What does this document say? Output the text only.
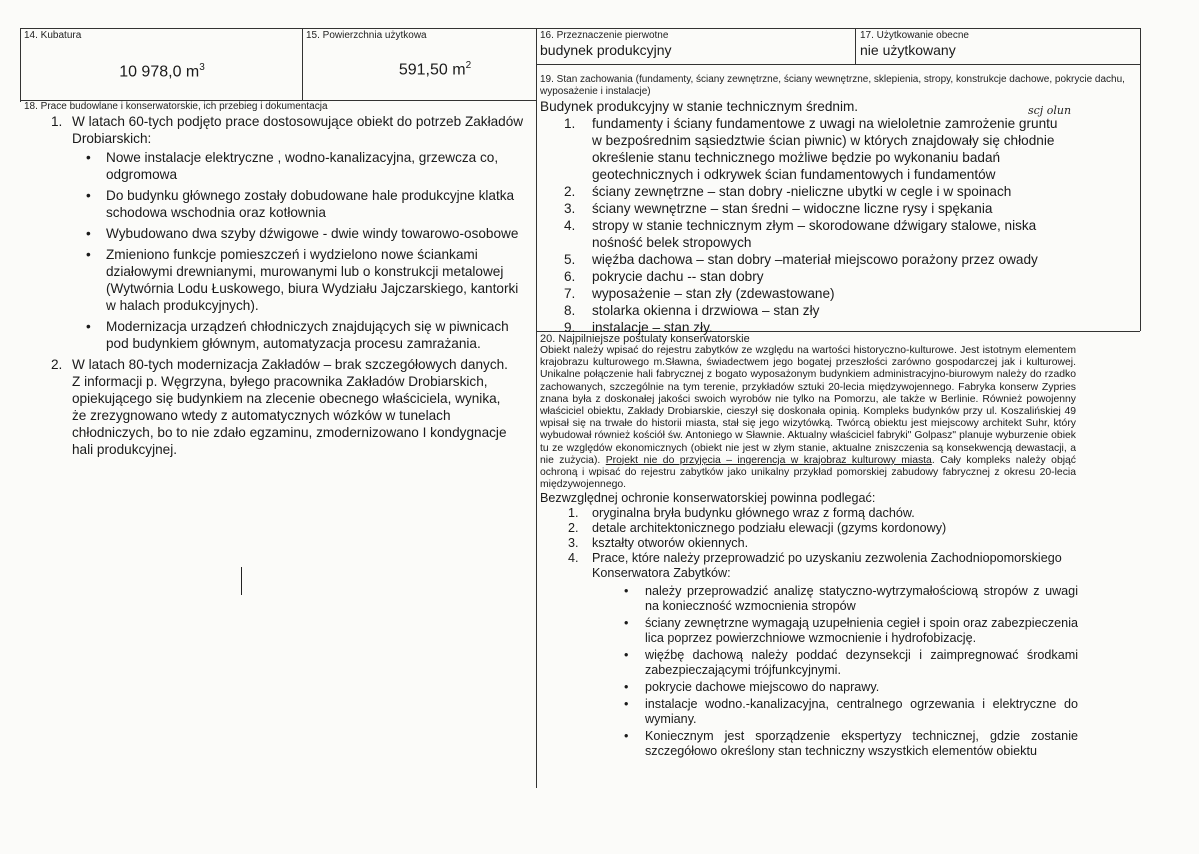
14. Kubatura
10 978,0 $m^3$
15. Powierzchnia użytkowa
591,50 $m^2$
16. Przeznaczenie pierwotne
budynek produkcyjny
17. Użytkowanie obecne
nie użytkowany
19. Stan zachowania (fundamenty, ściany zewnętrzne, ściany wewnętrzne, sklepienia, stropy, konstrukcje dachowe, pokrycie dachu, wyposażenie i instalacje)
Budynek produkcyjny w stanie technicznym średnim.
1. fundamenty i ściany fundamentowe z uwagi na wieloletnie zamrożenie gruntu w bezpośrednim sąsiedztwie ścian piwnic) w których znajdowały się chłodnie określenie stanu technicznego możliwe będzie po wykonaniu badań geotechnicznych i odkrywek ścian fundamentowych i fundamentów
2. ściany zewnętrzne – stan dobry -nieliczne ubytki w cegle i w spoinach
3. ściany wewnętrzne – stan średni – widoczne liczne rysy i spękania
4. stropy w stanie technicznym złym – skorodowane dźwigary stalowe, niska nośność belek stropowych
5. więźba dachowa – stan dobry –materiał miejscowo porażony przez owady
6. pokrycie dachu -- stan dobry
7. wyposażenie – stan zły (zdewastowane)
8. stolarka okienna i drzwiowa – stan zły
9. instalacje – stan zły.
scj olun
18. Prace budowlane i konserwatorskie, ich przebieg i dokumentacja
1. W latach 60-tych podjęto prace dostosowujące obiekt do potrzeb Zakładów Drobiarskich:
• Nowe instalacje elektryczne , wodno-kanalizacyjna, grzewcza co, odgromowa
• Do budynku głównego zostały dobudowane hale produkcyjne klatka schodowa wschodnia oraz kotłownia
• Wybudowano dwa szyby dźwigowe - dwie windy towarowo-osobowe
• Zmieniono funkcje pomieszczeń i wydzielono nowe ściankami działowymi drewnianymi, murowanymi lub o konstrukcji metalowej (Wytwórnia Lodu Łuskowego, biura Wydziału Jajczarskiego, kantorki w halach produkcyjnych).
• Modernizacja urządzeń chłodniczych znajdujących się w piwnicach pod budynkiem głównym, automatyzacja procesu zamrażania.
2. W latach 80-tych modernizacja Zakładów – brak szczegółowych danych.
Z informacji p. Węgrzyna, byłego pracownika Zakładów Drobiarskich, opiekującego się budynkiem na zlecenie obecnego właściciela, wynika, że zrezygnowano wtedy z automatycznych wózków w tunelach chłodniczych, bo to nie zdało egzaminu, zmodernizowano I kondygnacje hali produkcyjnej.
20. Najpilniejsze postulaty konserwatorskie
Obiekt należy wpisać do rejestru zabytków ze względu na wartości historyczno-kulturowe. Jest istotnym elementem krajobrazu kulturowego m.Sławna, świadectwem jego bogatej przeszłości zarówno gospodarczej jak i kulturowej. Unikalne połączenie hali fabrycznej z bogato wyposażonym budynkiem administracyjno-biurowym należy do rzadko zachowanych, szczególnie na tym terenie, przykładów sztuki 20-lecia międzywojennego. Fabryka konserw Zypries znana była z doskonałej jakości swoich wyrobów nie tylko na Pomorzu, ale także w Berlinie. Również powojenny właściciel obiektu, Zakłady Drobiarskie, cieszył się doskonała opinią. Kompleks budynków przy ul. Koszalińskiej 49 wpisał się na trwałe do historii miasta, stał się jego wizytówką. Twórcą obiektu jest miejscowy architekt Suhr, który wybudował również kościół św. Antoniego w Sławnie. Aktualny właściciel fabryki" Golpasz" planuje wyburzenie obiek tu ze względów ekonomicznych (obiekt nie jest w złym stanie, aktualne zniszczenia są konsekwencją dewastacji, a nie zużycia). Projekt nie do przyjęcia – ingerencja w krajobraz kulturowy miasta. Cały kompleks należy objąć ochroną i wpisać do rejestru zabytków jako unikalny przykład pomorskiej zabudowy fabrycznej z okresu 20-lecia międzywojennego.
Bezwzględnej ochronie konserwatorskiej powinna podlegać:
1. oryginalna bryła budynku głównego wraz z formą dachów.
2. detale architektonicznego podziału elewacji (gzyms kordonowy)
3. kształty otworów okiennych.
4. Prace, które należy przeprowadzić po uzyskaniu zezwolenia Zachodniopomorskiego Konserwatora Zabytków:
• należy przeprowadzić analizę statyczno-wytrzymałościową stropów z uwagi na konieczność wzmocnienia stropów
• ściany zewnętrzne wymagają uzupełnienia cegieł i spoin oraz zabezpieczenia lica poprzez powierzchniowe wzmocnienie i hydrofobizację.
• więźbę dachową należy poddać dezynsekcji i zaimpregnować środkami zabezpieczającymi trójfunkcyjnymi.
• pokrycie dachowe miejscowo do naprawy.
• instalacje wodno.-kanalizacyjna, centralnego ogrzewania i elektryczne do wymiany.
• Koniecznym jest sporządzenie ekspertyzy technicznej, gdzie zostanie szczegółowo określony stan techniczny wszystkich elementów obiektu
